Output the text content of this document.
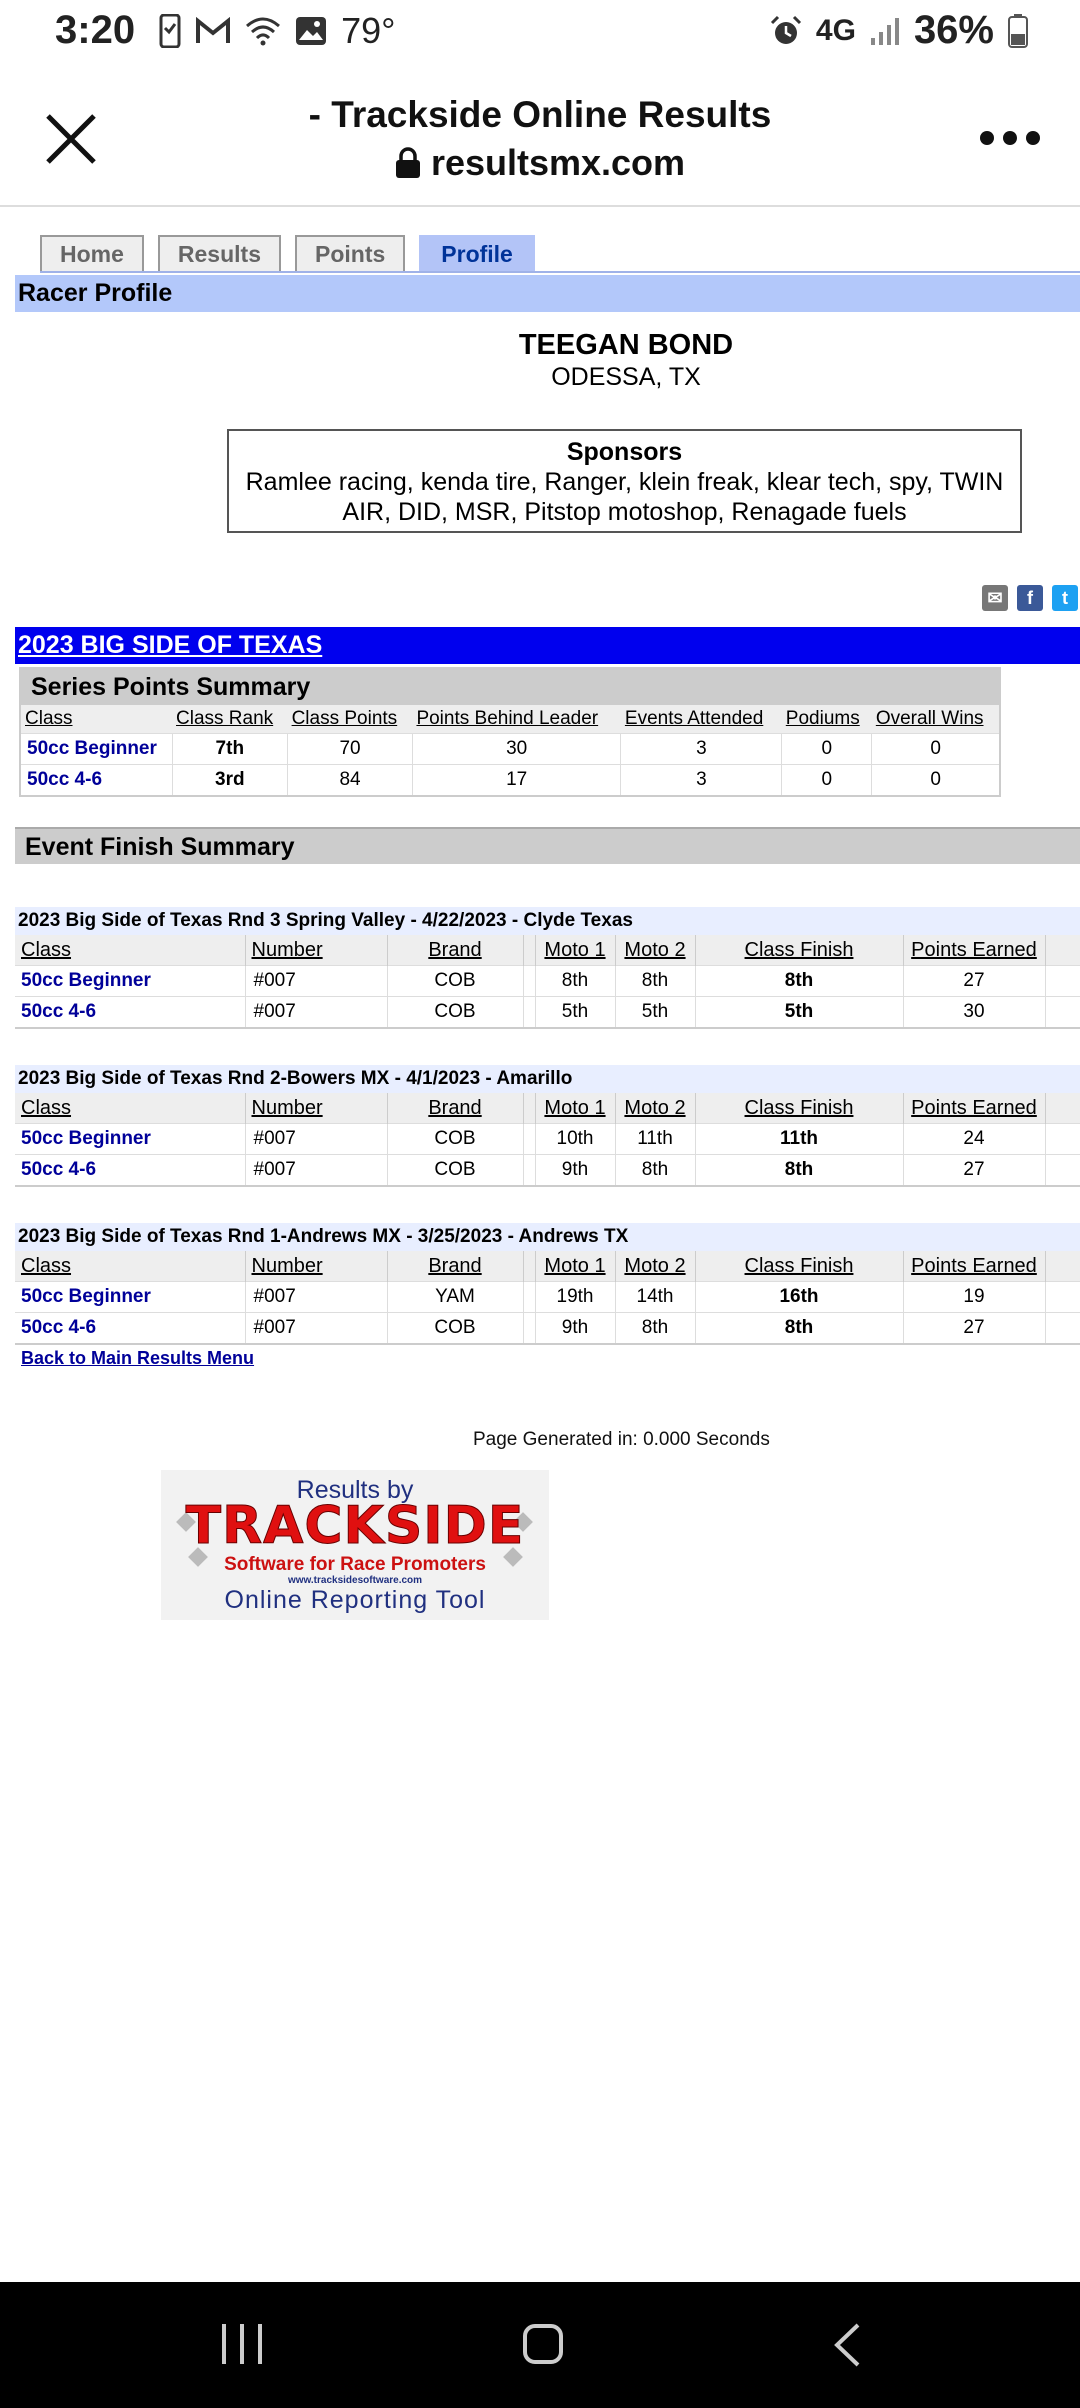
3:20	79°	4G 36%
- Trackside Online Results
resultsmx.com
Home	Results	Points	Profile
Racer Profile
TEEGAN BOND
ODESSA, TX
Sponsors
Ramlee racing, kenda tire, Ranger, klein freak, klear tech, spy, TWIN AIR, DID, MSR, Pitstop motoshop, Renagade fuels
✉	f	t
2023 BIG SIDE OF TEXAS
Series Points Summary
Class	Class Rank	Class Points	Points Behind Leader	Events Attended	Podiums	Overall Wins
50cc Beginner	7th	70	30	3	0	0
50cc 4-6	3rd	84	17	3	0	0
Event Finish Summary
2023 Big Side of Texas Rnd 3 Spring Valley - 4/22/2023 - Clyde Texas
Class	Number	Brand		Moto 1	Moto 2	Class Finish	Points Earned	
50cc Beginner	#007	COB		8th	8th	8th	27	
50cc 4-6	#007	COB		5th	5th	5th	30	
2023 Big Side of Texas Rnd 2-Bowers MX - 4/1/2023 - Amarillo
Class	Number	Brand		Moto 1	Moto 2	Class Finish	Points Earned	
50cc Beginner	#007	COB		10th	11th	11th	24	
50cc 4-6	#007	COB		9th	8th	8th	27	
2023 Big Side of Texas Rnd 1-Andrews MX - 3/25/2023 - Andrews TX
Class	Number	Brand		Moto 1	Moto 2	Class Finish	Points Earned	
50cc Beginner	#007	YAM		19th	14th	16th	19	
50cc 4-6	#007	COB		9th	8th	8th	27	
Back to Main Results Menu
Page Generated in: 0.000 Seconds
Results by
TRACKSIDE
Software for Race Promoters
www.tracksidesoftware.com
Online Reporting Tool
